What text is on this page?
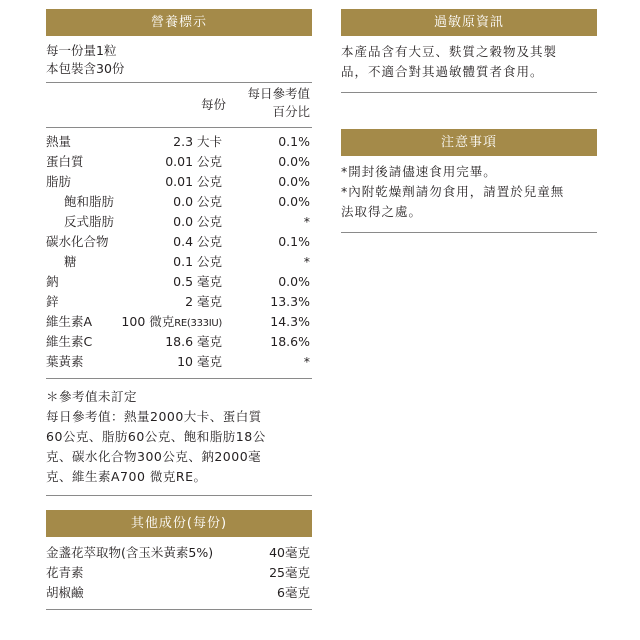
營養標示
每一份量1粒
本包裝含30份
每份
每日參考值
百分比
熱量	2.3 大卡	0.1%
蛋白質	0.01 公克	0.0%
脂肪	0.01 公克	0.0%
飽和脂肪	0.0 公克	0.0%
反式脂肪	0.0 公克	*
碳水化合物	0.4 公克	0.1%
糖	0.1 公克	*
鈉	0.5 毫克	0.0%
鋅	2 毫克	13.3%
維生素A 100 微克RE(333IU)	14.3%
維生素C	18.6 毫克	18.6%
葉黃素	10 毫克	*
＊參考值未訂定
每日參考值：熱量2000大卡、蛋白質
60公克、脂肪60公克、飽和脂肪18公
克、碳水化合物300公克、鈉2000毫
克、維生素A700 微克RE。
其他成份(每份)
金盞花萃取物(含玉米黃素5%)	40毫克
花青素	25毫克
胡椒鹼	6毫克
過敏原資訊
本產品含有大豆、麩質之穀物及其製
品，不適合對其過敏體質者食用。
注意事項
*開封後請儘速食用完畢。
*內附乾燥劑請勿食用，請置於兒童無
法取得之處。
